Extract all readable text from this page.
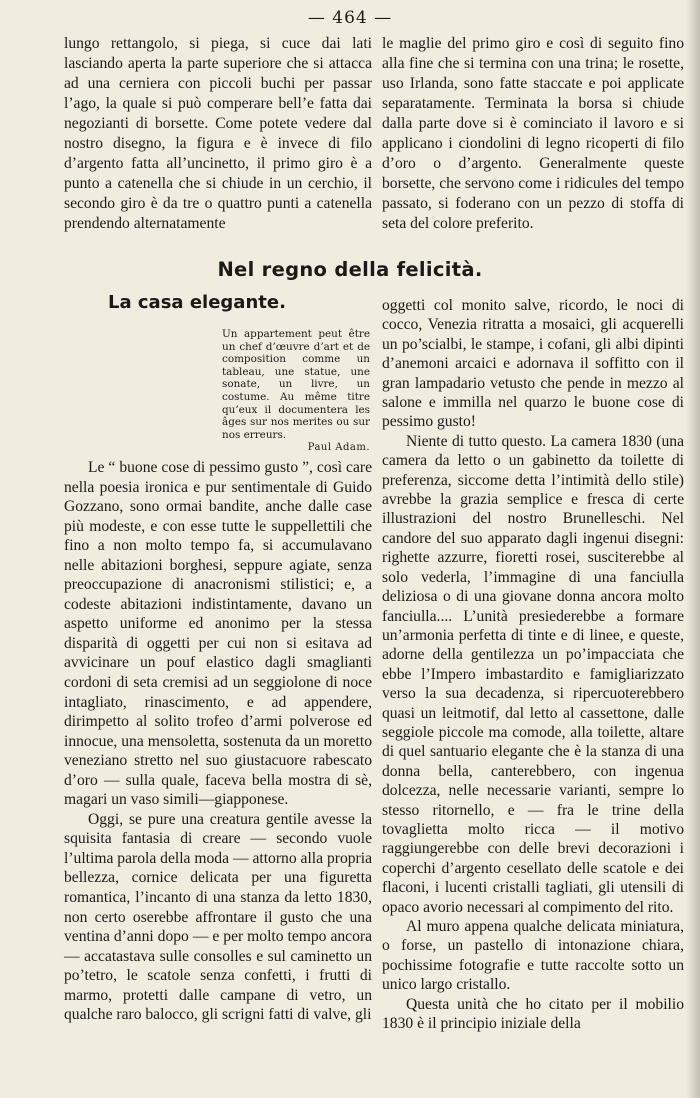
— 464 —

lungo rettangolo, si piega, si cuce dai lati lasciando aperta la parte superiore che si attacca ad una cerniera con piccoli buchi per passar l’ago, la quale si può comperare bell’e fatta dai negozianti di borsette. Come potete vedere dal nostro disegno, la figura e è invece di filo d’argento fatta all’uncinetto, il primo giro è a punto a catenella che si chiude in un cerchio, il secondo giro è da tre o quattro punti a catenella prendendo alternatamente

le maglie del primo giro e così di seguito fino alla fine che si termina con una trina; le rosette, uso Irlanda, sono fatte staccate e poi applicate separatamente. Terminata la borsa si chiude dalla parte dove si è cominciato il lavoro e si applicano i ciondolini di legno ricoperti di filo d’oro o d’argento. Generalmente queste borsette, che servono come i ridicules del tempo passato, si foderano con un pezzo di stoffa di seta del colore preferito.

Nel regno della felicità.
La casa elegante.
Un appartement peut être un chef d’œuvre d’art et de composition comme un tableau, une statue, une sonate, un livre, un costume. Au même titre qu’eux il documentera les âges sur nos merites ou sur nos erreurs.
Paul Adam.

Le “ buone cose di pessimo gusto ”, così care nella poesia ironica e pur sentimentale di Guido Gozzano, sono ormai bandite, anche dalle case più modeste, e con esse tutte le suppellettili che fino a non molto tempo fa, si accumulavano nelle abitazioni borghesi, seppure agiate, senza preoccupazione di anacronismi stilistici; e, a codeste abitazioni indistintamente, davano un aspetto uniforme ed anonimo per la stessa disparità di oggetti per cui non si esitava ad avvicinare un pouf elastico dagli smaglianti cordoni di seta cremisi ad un seggiolone di noce intagliato, rinascimento, e ad appendere, dirimpetto al solito trofeo d’armi polverose ed innocue, una mensoletta, sostenuta da un moretto veneziano stretto nel suo giustacuore rabescato d’oro — sulla quale, faceva bella mostra di sè, magari un vaso simili—giapponese.

Oggi, se pure una creatura gentile avesse la squisita fantasia di creare — secondo vuole l’ultima parola della moda — attorno alla propria bellezza, cornice delicata per una figuretta romantica, l’incanto di una stanza da letto 1830, non certo oserebbe affrontare il gusto che una ventina d’anni dopo — e per molto tempo ancora — accatastava sulle consolles e sul caminetto un po’tetro, le scatole senza confetti, i frutti di marmo, protetti dalle campane di vetro, un qualche raro balocco, gli scrigni fatti di valve, gli

oggetti col monito salve, ricordo, le noci di cocco, Venezia ritratta a mosaici, gli acquerelli un po’scialbi, le stampe, i cofani, gli albi dipinti d’anemoni arcaici e adornava il soffitto con il gran lampadario vetusto che pende in mezzo al salone e immilla nel quarzo le buone cose di pessimo gusto!

Niente di tutto questo. La camera 1830 (una camera da letto o un gabinetto da toilette di preferenza, siccome detta l’intimità dello stile) avrebbe la grazia semplice e fresca di certe illustrazioni del nostro Brunelleschi. Nel candore del suo apparato dagli ingenui disegni: righette azzurre, fioretti rosei, susciterebbe al solo vederla, l’immagine di una fanciulla deliziosa o di una giovane donna ancora molto fanciulla.... L’unità presiederebbe a formare un’armonia perfetta di tinte e di linee, e queste, adorne della gentilezza un po’impacciata che ebbe l’Impero imbastardito e famigliarizzato verso la sua decadenza, si ripercuoterebbero quasi un leitmotif, dal letto al cassettone, dalle seggiole piccole ma comode, alla toilette, altare di quel santuario elegante che è la stanza di una donna bella, canterebbero, con ingenua dolcezza, nelle necessarie varianti, sempre lo stesso ritornello, e — fra le trine della tovaglietta molto ricca — il motivo raggiungerebbe con delle brevi decorazioni i coperchi d’argento cesellato delle scatole e dei flaconi, i lucenti cristalli tagliati, gli utensili di opaco avorio necessari al compimento del rito.

Al muro appena qualche delicata miniatura, o forse, un pastello di intonazione chiara, pochissime fotografie e tutte raccolte sotto un unico largo cristallo.

Questa unità che ho citato per il mobilio 1830 è il principio iniziale della
